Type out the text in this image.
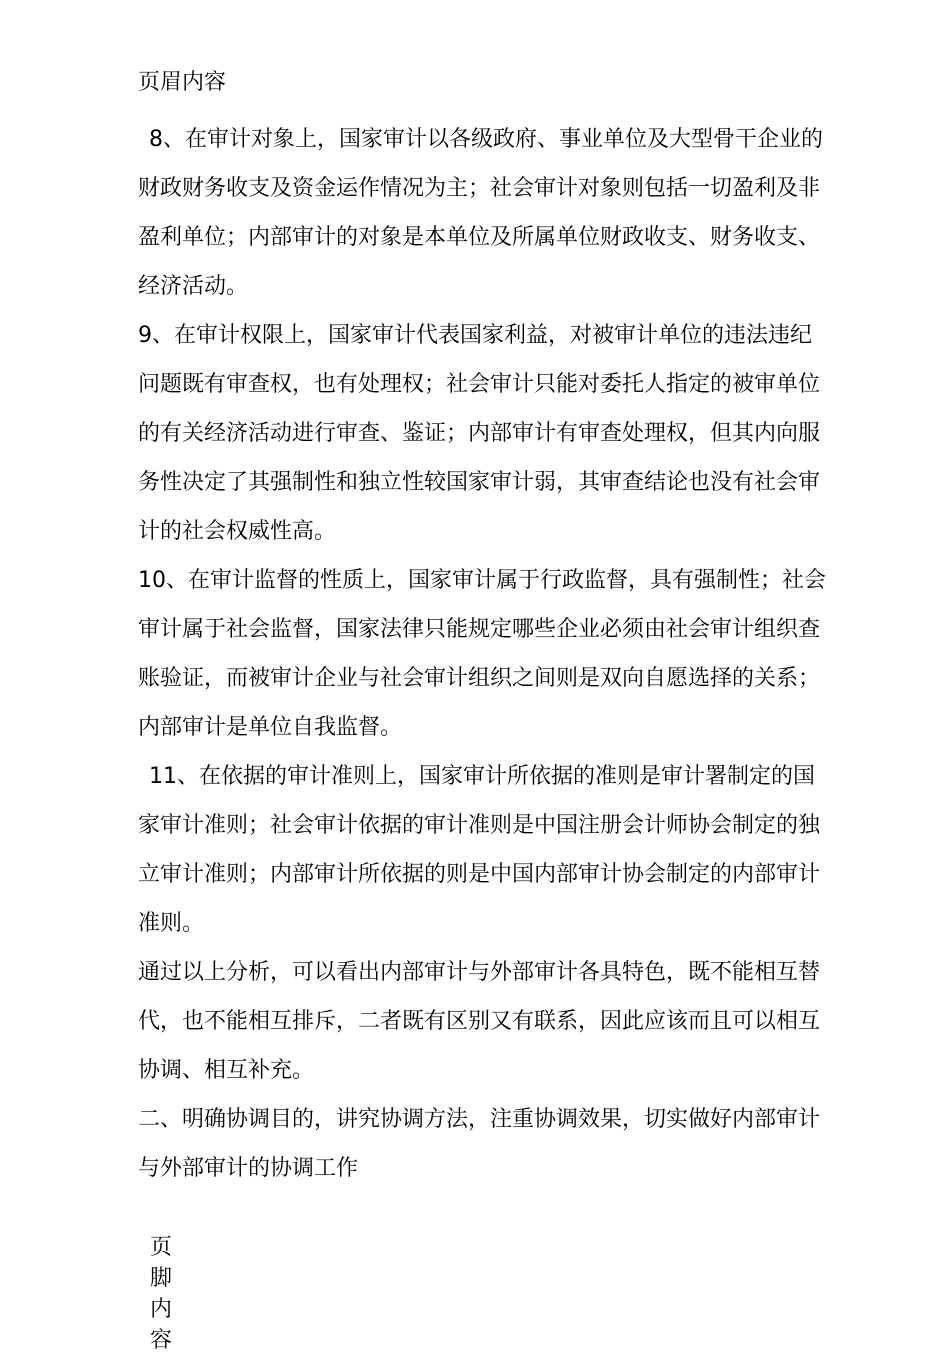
页眉内容

8、在审计对象上，国家审计以各级政府、事业单位及大型骨干企业的财政财务收支及资金运作情况为主；社会审计对象则包括一切盈利及非盈利单位；内部审计的对象是本单位及所属单位财政收支、财务收支、经济活动。

9、在审计权限上，国家审计代表国家利益，对被审计单位的违法违纪问题既有审查权，也有处理权；社会审计只能对委托人指定的被审单位的有关经济活动进行审查、鉴证；内部审计有审查处理权，但其内向服务性决定了其强制性和独立性较国家审计弱，其审查结论也没有社会审计的社会权威性高。

10、在审计监督的性质上，国家审计属于行政监督，具有强制性；社会审计属于社会监督，国家法律只能规定哪些企业必须由社会审计组织查账验证，而被审计企业与社会审计组织之间则是双向自愿选择的关系；内部审计是单位自我监督。

11、在依据的审计准则上，国家审计所依据的准则是审计署制定的国家审计准则；社会审计依据的审计准则是中国注册会计师协会制定的独立审计准则；内部审计所依据的则是中国内部审计协会制定的内部审计准则。

通过以上分析，可以看出内部审计与外部审计各具特色，既不能相互替代，也不能相互排斥，二者既有区别又有联系，因此应该而且可以相互协调、相互补充。

二、明确协调目的，讲究协调方法，注重协调效果，切实做好内部审计与外部审计的协调工作

页脚内容
